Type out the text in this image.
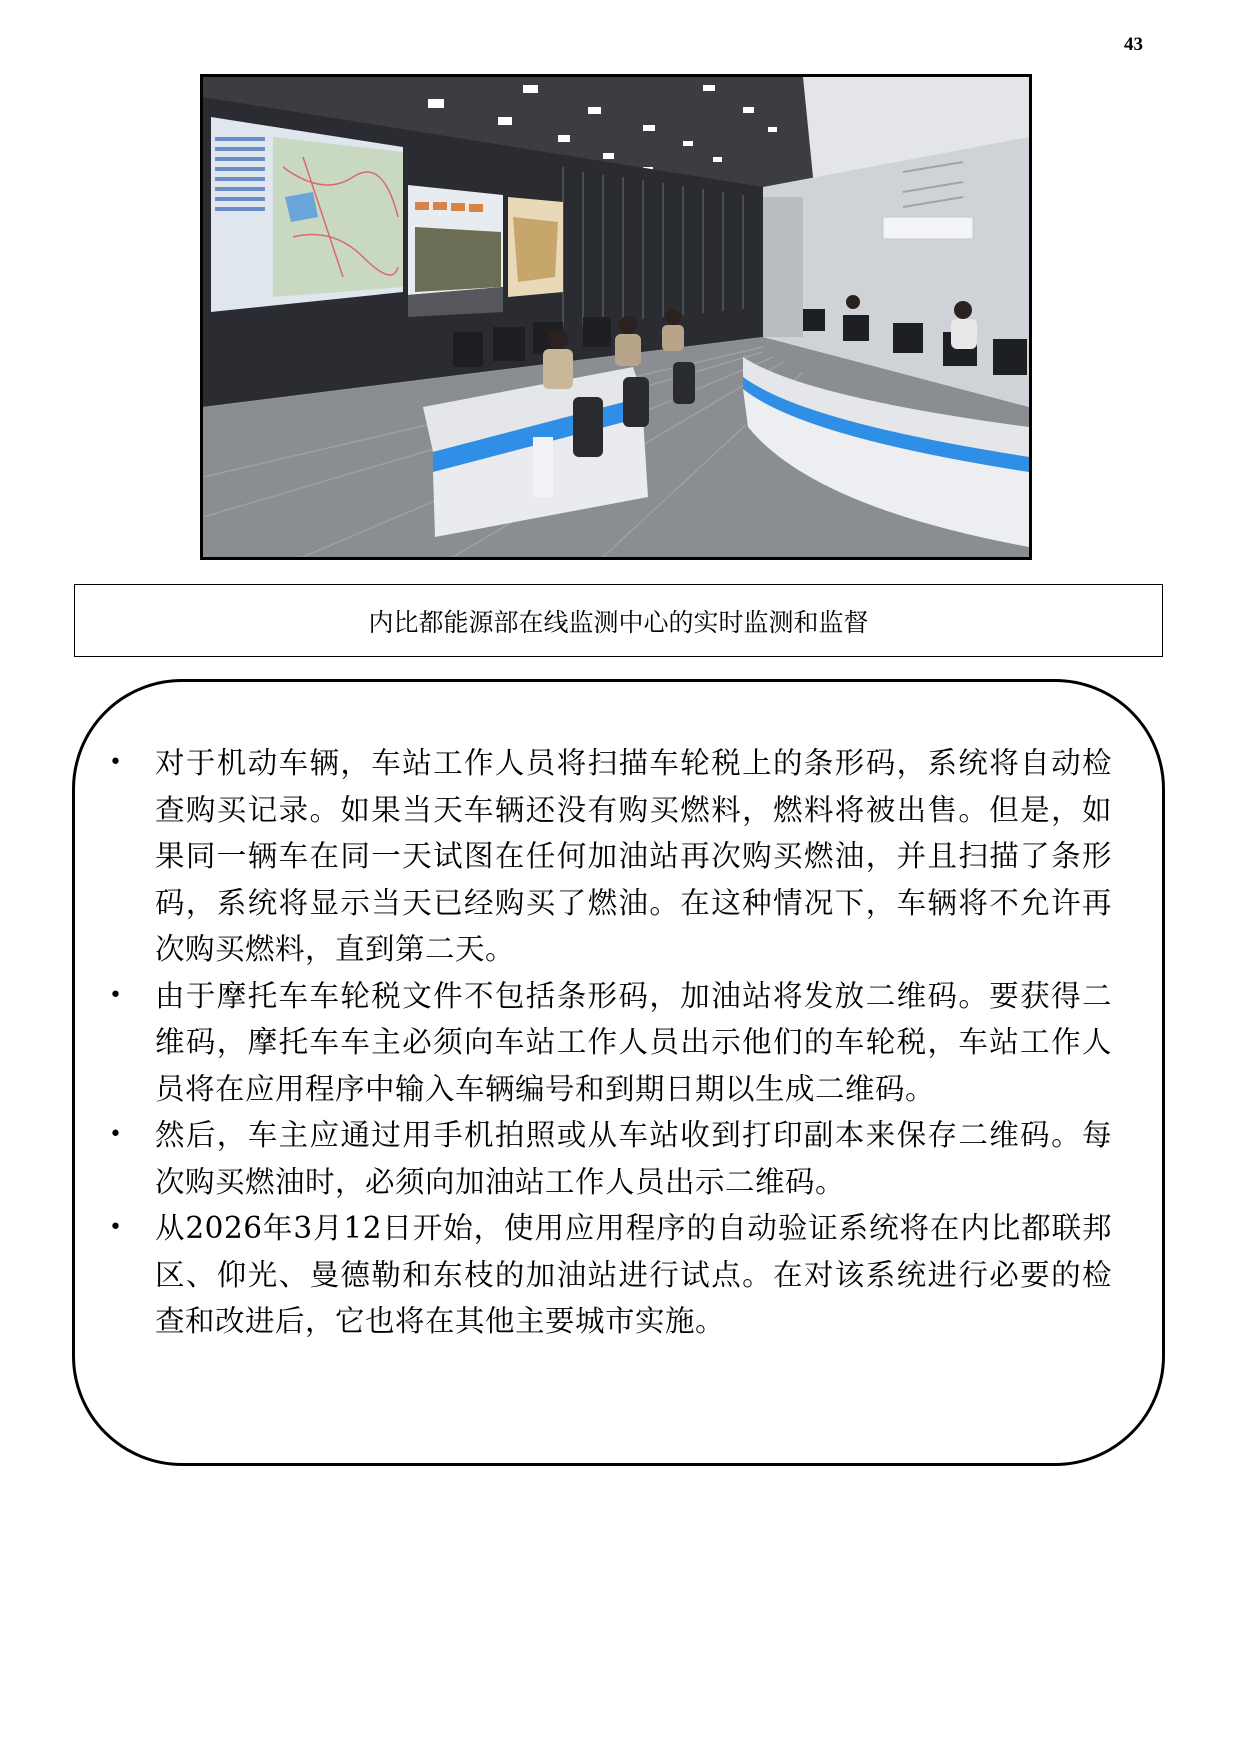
43
内比都能源部在线监测中心的实时监测和监督
• 对于机动车辆，车站工作人员将扫描车轮税上的条形码，系统将自动检查购买记录。如果当天车辆还没有购买燃料，燃料将被出售。但是，如果同一辆车在同一天试图在任何加油站再次购买燃油，并且扫描了条形码，系统将显示当天已经购买了燃油。在这种情况下，车辆将不允许再次购买燃料，直到第二天。
• 由于摩托车车轮税文件不包括条形码，加油站将发放二维码。要获得二维码，摩托车车主必须向车站工作人员出示他们的车轮税，车站工作人员将在应用程序中输入车辆编号和到期日期以生成二维码。
• 然后，车主应通过用手机拍照或从车站收到打印副本来保存二维码。每次购买燃油时，必须向加油站工作人员出示二维码。
• 从2026年3月12日开始，使用应用程序的自动验证系统将在内比都联邦区、仰光、曼德勒和东枝的加油站进行试点。在对该系统进行必要的检查和改进后，它也将在其他主要城市实施。
